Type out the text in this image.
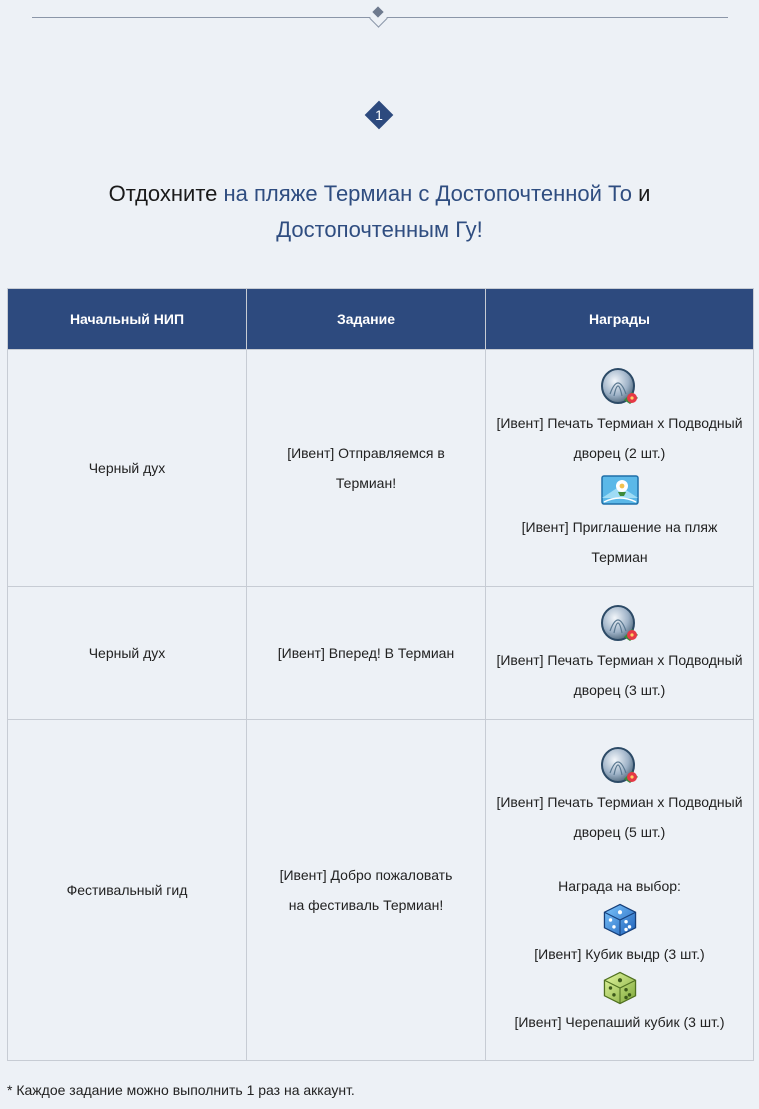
1
Отдохните на пляже Термиан с Достопочтенной То и
Достопочтенным Гу!
Начальный НИП	Задание	Награды
Черный дух	[Ивент] Отправляемся в Термиан!	[Ивент] Печать Термиан x Подводный дворец (2 шт.)
[Ивент] Приглашение на пляж Термиан

Черный дух	[Ивент] Вперед! В Термиан	[Ивент] Печать Термиан x Подводный дворец (3 шт.)

Фестивальный гид	[Ивент] Добро пожаловать на фестиваль Термиан!	[Ивент] Печать Термиан x Подводный дворец (5 шт.)
Награда на выбор:
[Ивент] Кубик выдр (3 шт.)
[Ивент] Черепаший кубик (3 шт.)
* Каждое задание можно выполнить 1 раз на аккаунт.
